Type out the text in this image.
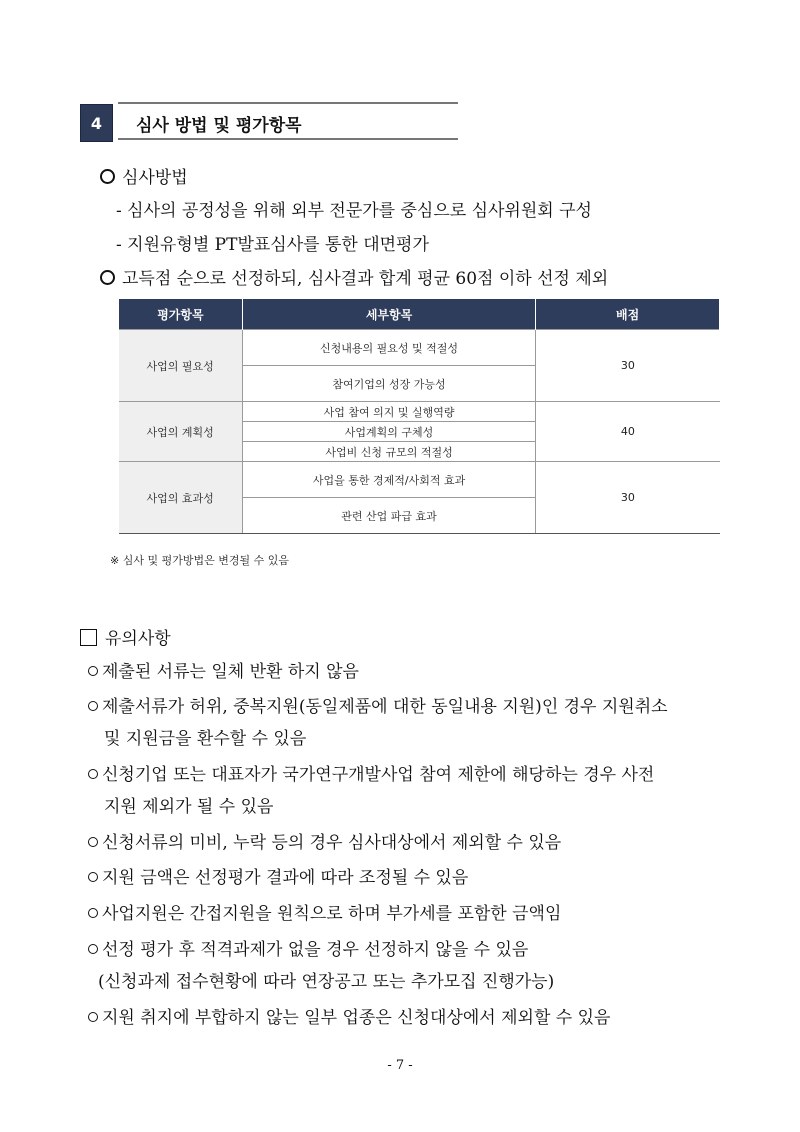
4	심사 방법 및 평가항목
심사방법
- 심사의 공정성을 위해 외부 전문가를 중심으로 심사위원회 구성
- 지원유형별 PT발표심사를 통한 대면평가
고득점 순으로 선정하되, 심사결과 합계 평균 60점 이하 선정 제외
평가항목	세부항목	배점
사업의 필요성	신청내용의 필요성 및 적절성	30
	참여기업의 성장 가능성	
사업의 계획성	사업 참여 의지 및 실행역량	40
	사업계획의 구체성	
	사업비 신청 규모의 적절성	
사업의 효과성	사업을 통한 경제적/사회적 효과	30
	관련 산업 파급 효과	
※ 심사 및 평가방법은 변경될 수 있음
유의사항
제출된 서류는 일체 반환 하지 않음
제출서류가 허위, 중복지원(동일제품에 대한 동일내용 지원)인 경우 지원취소
및 지원금을 환수할 수 있음
신청기업 또는 대표자가 국가연구개발사업 참여 제한에 해당하는 경우 사전
지원 제외가 될 수 있음
신청서류의 미비, 누락 등의 경우 심사대상에서 제외할 수 있음
지원 금액은 선정평가 결과에 따라 조정될 수 있음
사업지원은 간접지원을 원칙으로 하며 부가세를 포함한 금액임
선정 평가 후 적격과제가 없을 경우 선정하지 않을 수 있음
(신청과제 접수현황에 따라 연장공고 또는 추가모집 진행가능)
지원 취지에 부합하지 않는 일부 업종은 신청대상에서 제외할 수 있음
- 7 -
